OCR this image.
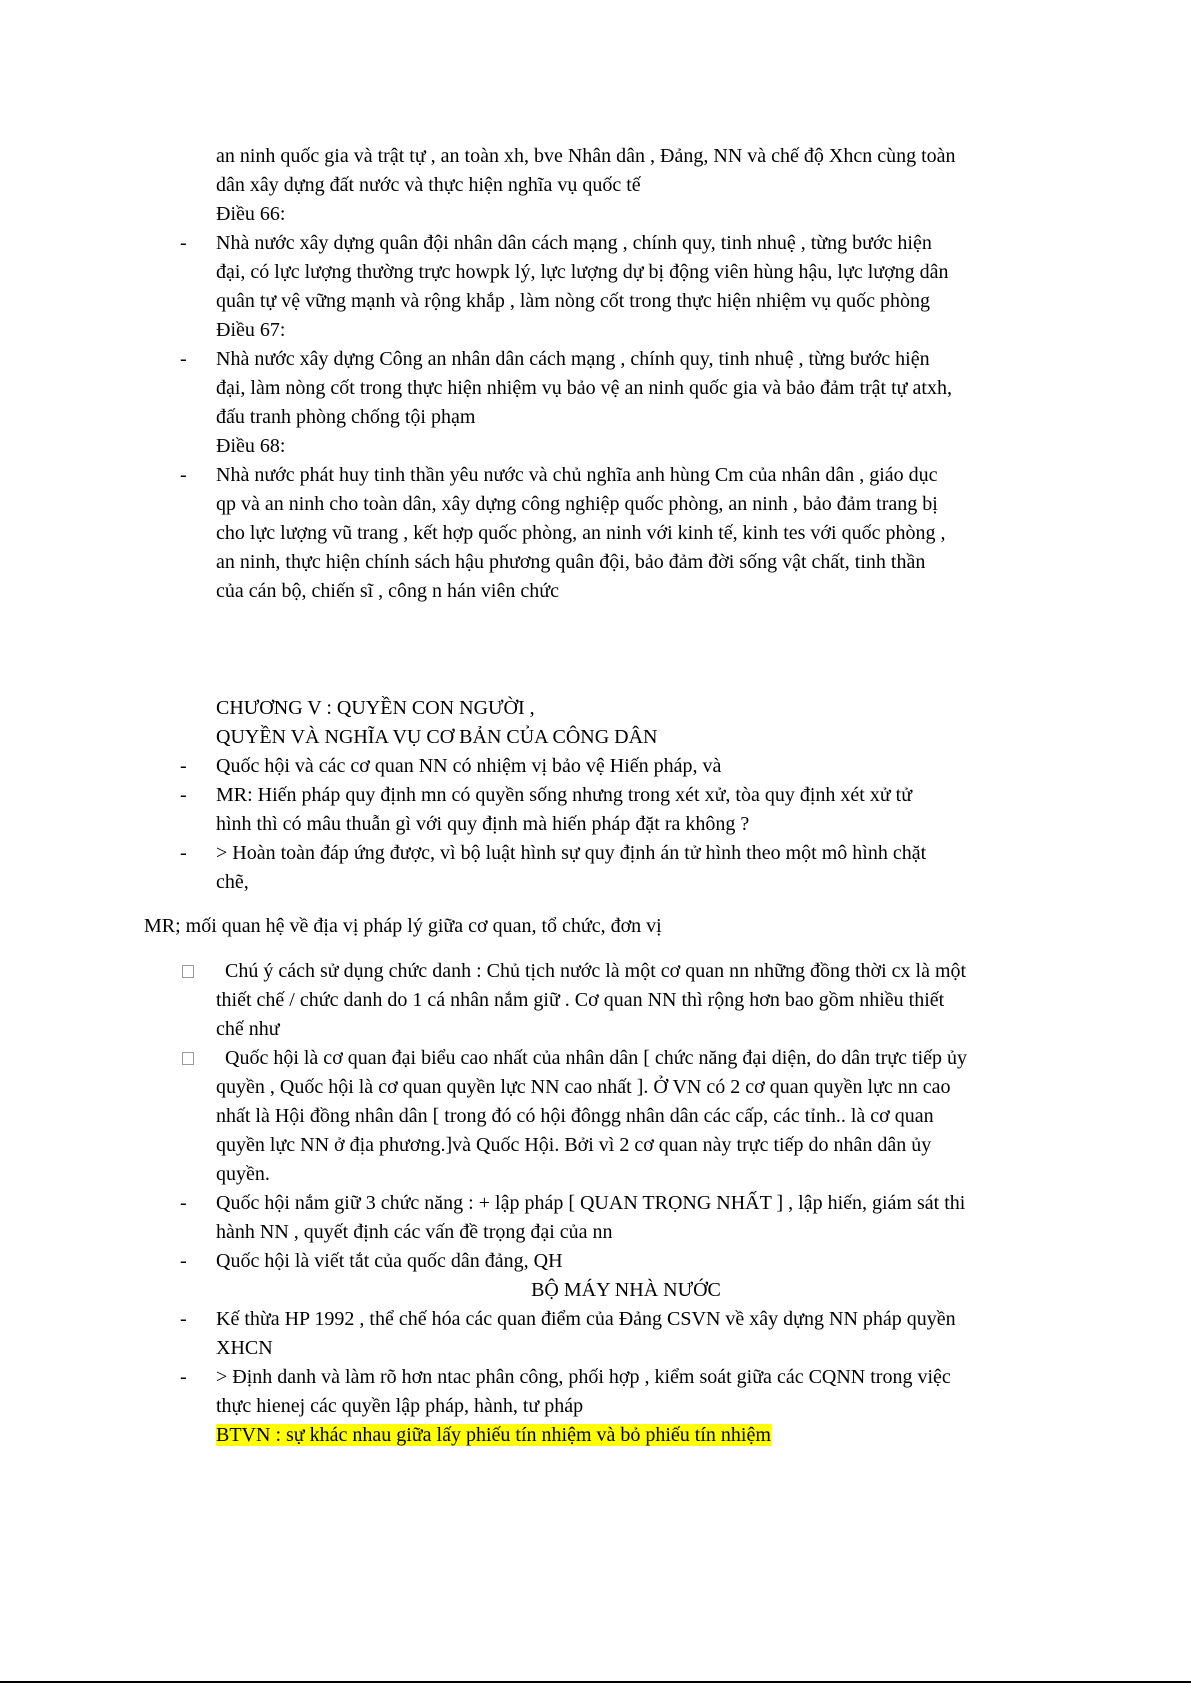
an ninh quốc gia và trật tự , an toàn xh, bve Nhân dân , Đảng, NN và chế độ Xhcn cùng toàn
dân xây dựng đất nước và thực hiện nghĩa vụ quốc tế
Điều 66:
- Nhà nước xây dựng quân đội nhân dân cách mạng , chính quy, tinh nhuệ , từng bước hiện
đại, có lực lượng thường trực howpk lý, lực lượng dự bị động viên hùng hậu, lực lượng dân
quân tự vệ vững mạnh và rộng khắp , làm nòng cốt trong thực hiện nhiệm vụ quốc phòng
Điều 67:
- Nhà nước xây dựng Công an nhân dân cách mạng , chính quy, tinh nhuệ , từng bước hiện
đại, làm nòng cốt trong thực hiện nhiệm vụ bảo vệ an ninh quốc gia và bảo đảm trật tự atxh,
đấu tranh phòng chống tội phạm
Điều 68:
- Nhà nước phát huy tinh thần yêu nước và chủ nghĩa anh hùng Cm của nhân dân , giáo dục
qp và an ninh cho toàn dân, xây dựng công nghiệp quốc phòng, an ninh , bảo đảm trang bị
cho lực lượng vũ trang , kết hợp quốc phòng, an ninh với kinh tế, kinh tes với quốc phòng ,
an ninh, thực hiện chính sách hậu phương quân đội, bảo đảm đời sống vật chất, tinh thần
của cán bộ, chiến sĩ , công n hán viên chức
CHƯƠNG V : QUYỀN CON NGƯỜI ,
QUYỀN VÀ NGHĨA VỤ CƠ BẢN CỦA CÔNG DÂN
- Quốc hội và các cơ quan NN có nhiệm vị bảo vệ Hiến pháp, và
- MR: Hiến pháp quy định mn có quyền sống nhưng trong xét xử, tòa quy định xét xử tử
hình thì có mâu thuẫn gì với quy định mà hiến pháp đặt ra không ?
- > Hoàn toàn đáp ứng được, vì bộ luật hình sự quy định án tử hình theo một mô hình chặt
chẽ,
MR; mối quan hệ về địa vị pháp lý giữa cơ quan, tổ chức, đơn vị
Chú ý cách sử dụng chức danh : Chủ tịch nước là một cơ quan nn những đồng thời cx là một
thiết chế / chức danh do 1 cá nhân nắm giữ . Cơ quan NN thì rộng hơn bao gồm nhiều thiết
chế như
Quốc hội là cơ quan đại biểu cao nhất của nhân dân [ chức năng đại diện, do dân trực tiếp ủy
quyền , Quốc hội là cơ quan quyền lực NN cao nhất ]. Ở VN có 2 cơ quan quyền lực nn cao
nhất là Hội đồng nhân dân [ trong đó có hội đôngg nhân dân các cấp, các tỉnh.. là cơ quan
quyền lực NN ở địa phương.]và Quốc Hội. Bởi vì 2 cơ quan này trực tiếp do nhân dân ủy
quyền.
- Quốc hội nắm giữ 3 chức năng : + lập pháp [ QUAN TRỌNG NHẤT ] , lập hiến, giám sát thi
hành NN , quyết định các vấn đề trọng đại của nn
- Quốc hội là viết tắt của quốc dân đảng, QH
BỘ MÁY NHÀ NƯỚC
- Kế thừa HP 1992 , thể chế hóa các quan điểm của Đảng CSVN về xây dựng NN pháp quyền
XHCN
- > Định danh và làm rõ hơn ntac phân công, phối hợp , kiểm soát giữa các CQNN trong việc
thực hienej các quyền lập pháp, hành, tư pháp
BTVN : sự khác nhau giữa lấy phiếu tín nhiệm và bỏ phiếu tín nhiệm
